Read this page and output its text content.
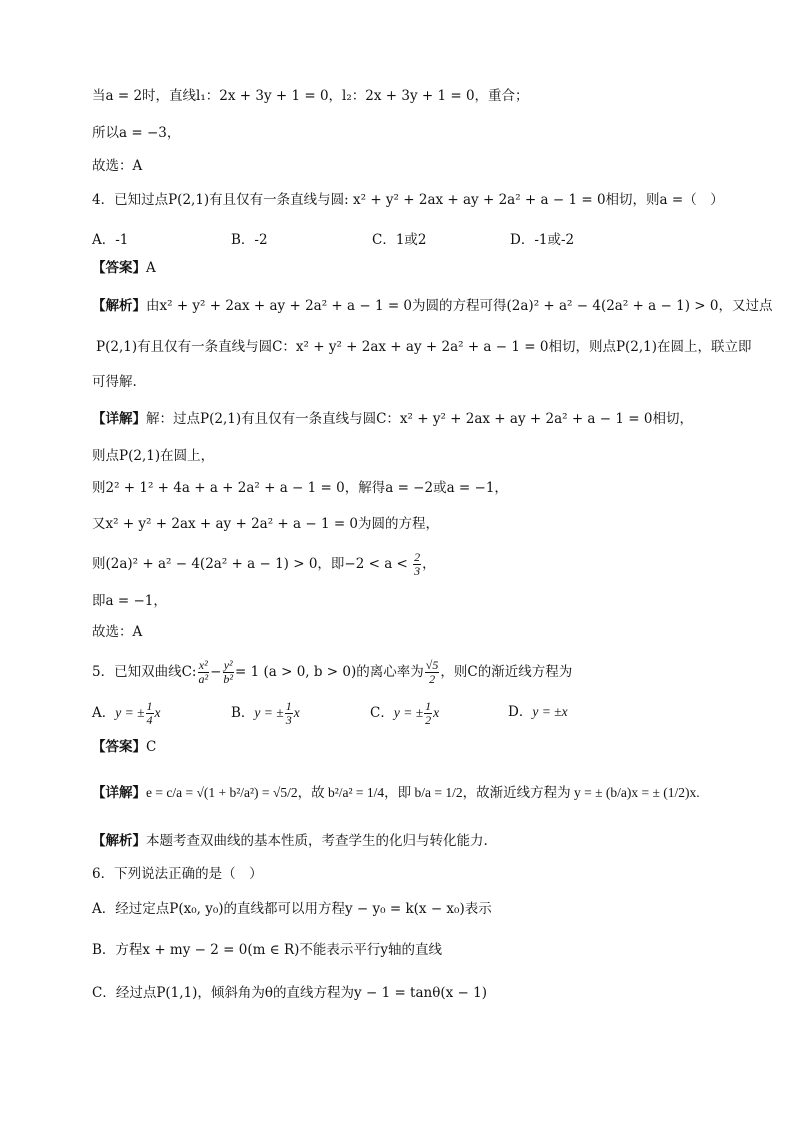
当a = 2时，直线l₁：2x + 3y + 1 = 0，l₂：2x + 3y + 1 = 0，重合；
所以a = −3，
故选：A
4．已知过点P(2,1)有且仅有一条直线与圆: x² + y² + 2ax + ay + 2a² + a − 1 = 0相切，则a =（　）
A．-1	B．-2	C．1或2	D．-1或-2
【答案】A
【解析】由x² + y² + 2ax + ay + 2a² + a − 1 = 0为圆的方程可得(2a)² + a² − 4(2a² + a − 1) > 0，又过点
P(2,1)有且仅有一条直线与圆C：x² + y² + 2ax + ay + 2a² + a − 1 = 0相切，则点P(2,1)在圆上，联立即
可得解.
【详解】解：过点P(2,1)有且仅有一条直线与圆C：x² + y² + 2ax + ay + 2a² + a − 1 = 0相切，
则点P(2,1)在圆上，
则2² + 1² + 4a + a + 2a² + a − 1 = 0，解得a = −2或a = −1，
又x² + y² + 2ax + ay + 2a² + a − 1 = 0为圆的方程，
则(2a)² + a² − 4(2a² + a − 1) > 0，即$-2 < a < \frac{2}{3}$ ，
即a = −1，
故选：A
5．已知双曲线C: $\frac{\text{x²}}{\text{a²}} - \frac{\text{y²}}{\text{b²}} = 1$ (a > 0, b > 0)的离心率为 $\frac{√5}{2}$ ，则C的渐近线方程为
A．y = ± $\frac{1}{4}$ x	B．y = ± $\frac{1}{3}$ x	C．y = ± $\frac{1}{2}$ x	D．y = ±x
【答案】C
【详解】e = c/a = √(1 + b²/a²) = √5/2，故 b²/a² = 1/4，即 b/a = 1/2，故渐近线方程为 y = ± (b/a)x = ± (1/2)x.
【解析】本题考查双曲线的基本性质，考查学生的化归与转化能力.
6．下列说法正确的是（　）
A．经过定点P(x₀, y₀)的直线都可以用方程y − y₀ = k(x − x₀)表示
B．方程x + my − 2 = 0(m ∈ R)不能表示平行y轴的直线
C．经过点P(1,1)，倾斜角为θ的直线方程为y − 1 = tanθ(x − 1)
